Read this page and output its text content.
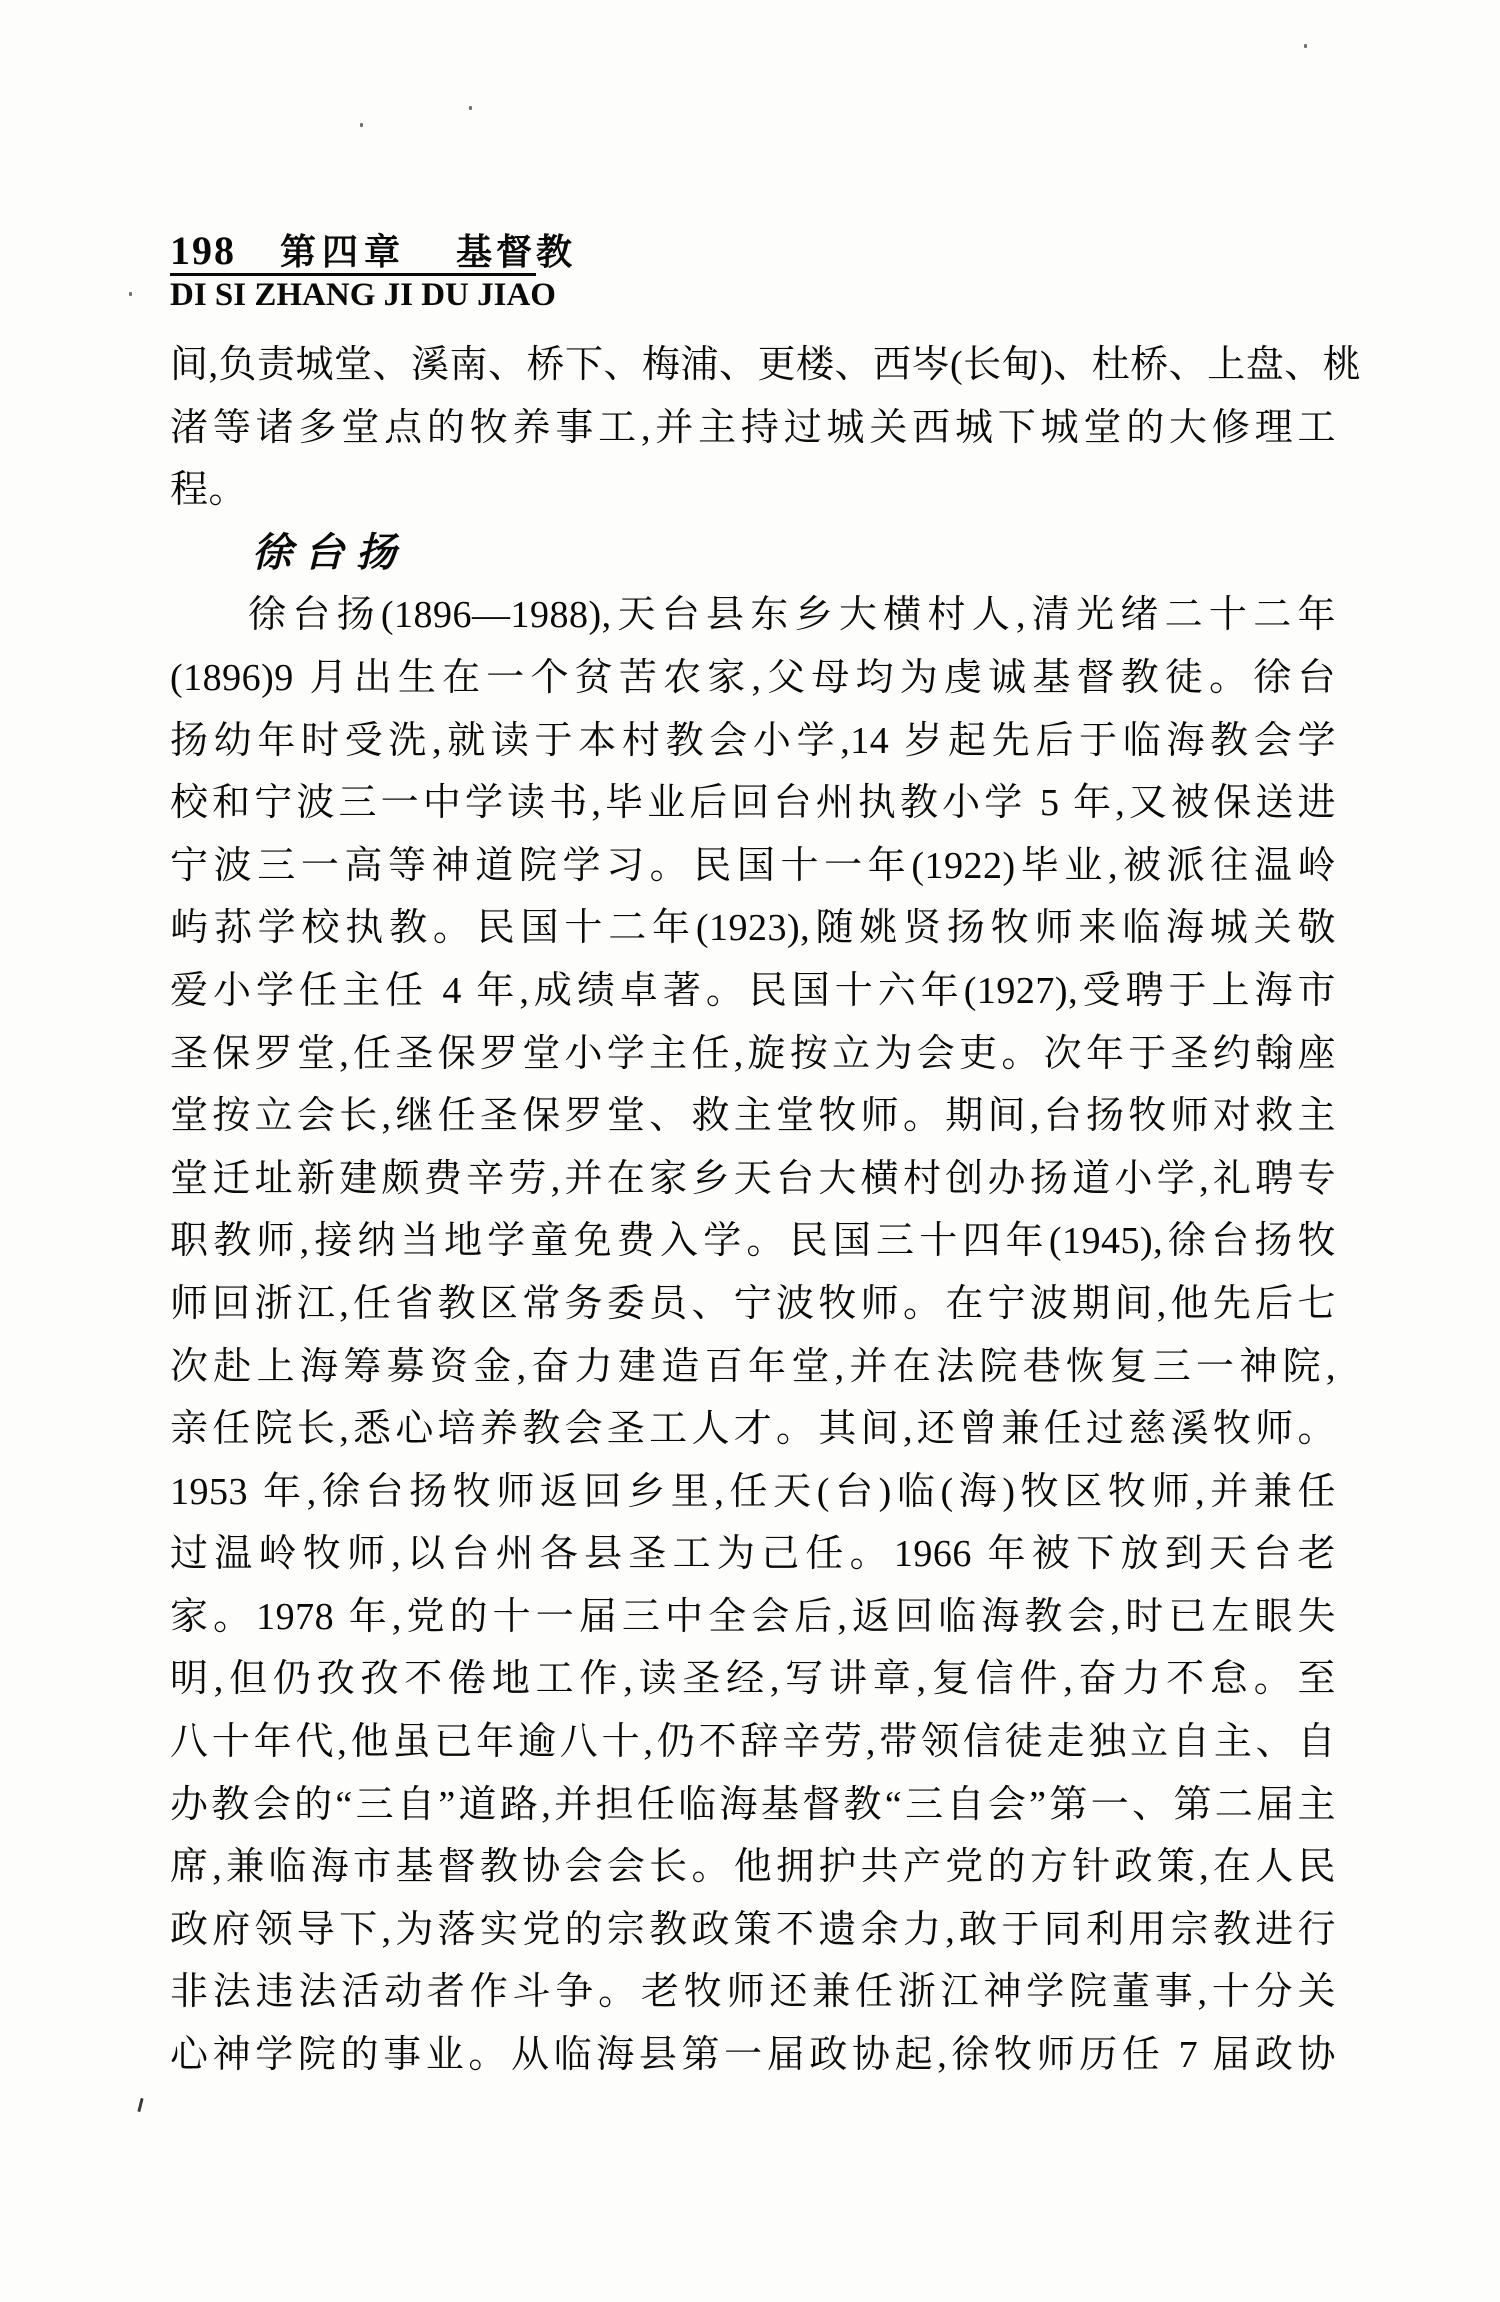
198 第四章 基督教
DI SI ZHANG JI DU JIAO
间,负责城堂、溪南、桥下、梅浦、更楼、西岑(长甸)、杜桥、上盘、桃
渚等诸多堂点的牧养事工,并主持过城关西城下城堂的大修理工
程。
徐台扬
徐台扬(1896—1988),天台县东乡大横村人,清光绪二十二年
(1896)9 月出生在一个贫苦农家,父母均为虔诚基督教徒。徐台
扬幼年时受洗,就读于本村教会小学,14 岁起先后于临海教会学
校和宁波三一中学读书,毕业后回台州执教小学 5 年,又被保送进
宁波三一高等神道院学习。民国十一年(1922)毕业,被派往温岭
屿荪学校执教。民国十二年(1923),随姚贤扬牧师来临海城关敬
爱小学任主任 4 年,成绩卓著。民国十六年(1927),受聘于上海市
圣保罗堂,任圣保罗堂小学主任,旋按立为会吏。次年于圣约翰座
堂按立会长,继任圣保罗堂、救主堂牧师。期间,台扬牧师对救主
堂迁址新建颇费辛劳,并在家乡天台大横村创办扬道小学,礼聘专
职教师,接纳当地学童免费入学。民国三十四年(1945),徐台扬牧
师回浙江,任省教区常务委员、宁波牧师。在宁波期间,他先后七
次赴上海筹募资金,奋力建造百年堂,并在法院巷恢复三一神院,
亲任院长,悉心培养教会圣工人才。其间,还曾兼任过慈溪牧师。
1953 年,徐台扬牧师返回乡里,任天(台)临(海)牧区牧师,并兼任
过温岭牧师,以台州各县圣工为己任。1966 年被下放到天台老
家。1978 年,党的十一届三中全会后,返回临海教会,时已左眼失
明,但仍孜孜不倦地工作,读圣经,写讲章,复信件,奋力不怠。至
八十年代,他虽已年逾八十,仍不辞辛劳,带领信徒走独立自主、自
办教会的“三自”道路,并担任临海基督教“三自会”第一、第二届主
席,兼临海市基督教协会会长。他拥护共产党的方针政策,在人民
政府领导下,为落实党的宗教政策不遗余力,敢于同利用宗教进行
非法违法活动者作斗争。老牧师还兼任浙江神学院董事,十分关
心神学院的事业。从临海县第一届政协起,徐牧师历任 7 届政协
